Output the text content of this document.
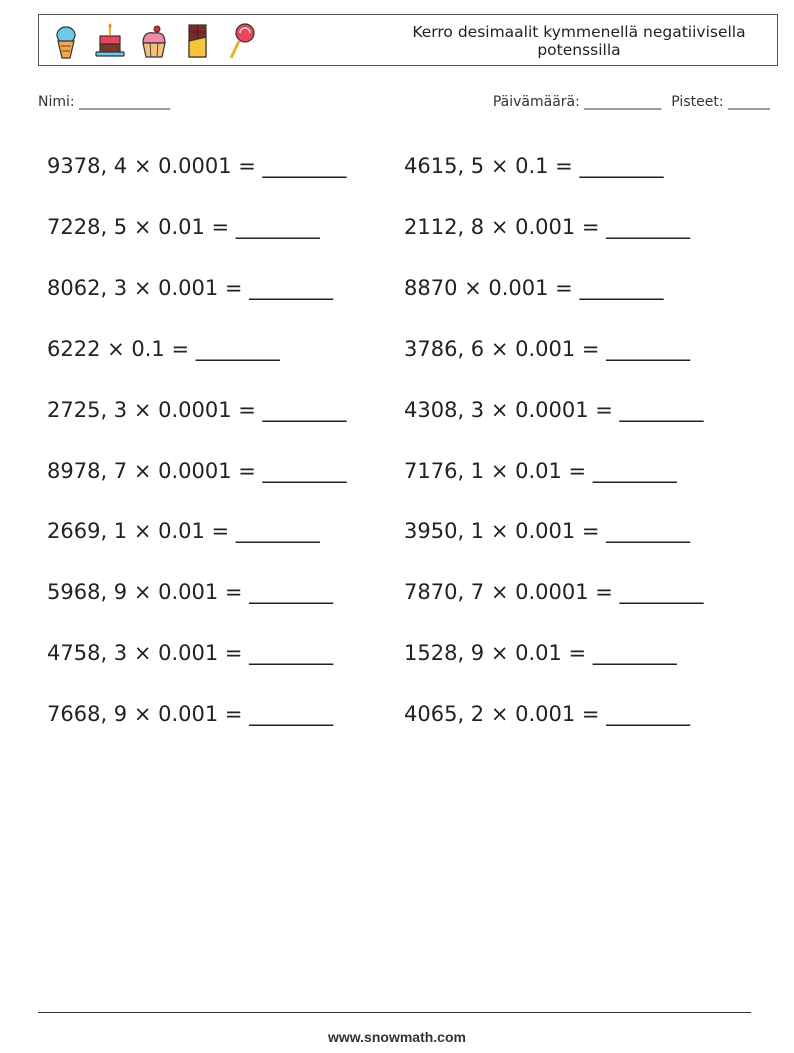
Kerro desimaalit kymmenellä negatiivisella potenssilla
Nimi: _____________	Päivämäärä: ___________ Pisteet: ______
9378, 4 × 0.0001 = ________
7228, 5 × 0.01 = ________
8062, 3 × 0.001 = ________
6222 × 0.1 = ________
2725, 3 × 0.0001 = ________
8978, 7 × 0.0001 = ________
2669, 1 × 0.01 = ________
5968, 9 × 0.001 = ________
4758, 3 × 0.001 = ________
7668, 9 × 0.001 = ________
4615, 5 × 0.1 = ________
2112, 8 × 0.001 = ________
8870 × 0.001 = ________
3786, 6 × 0.001 = ________
4308, 3 × 0.0001 = ________
7176, 1 × 0.01 = ________
3950, 1 × 0.001 = ________
7870, 7 × 0.0001 = ________
1528, 9 × 0.01 = ________
4065, 2 × 0.001 = ________
www.snowmath.com
